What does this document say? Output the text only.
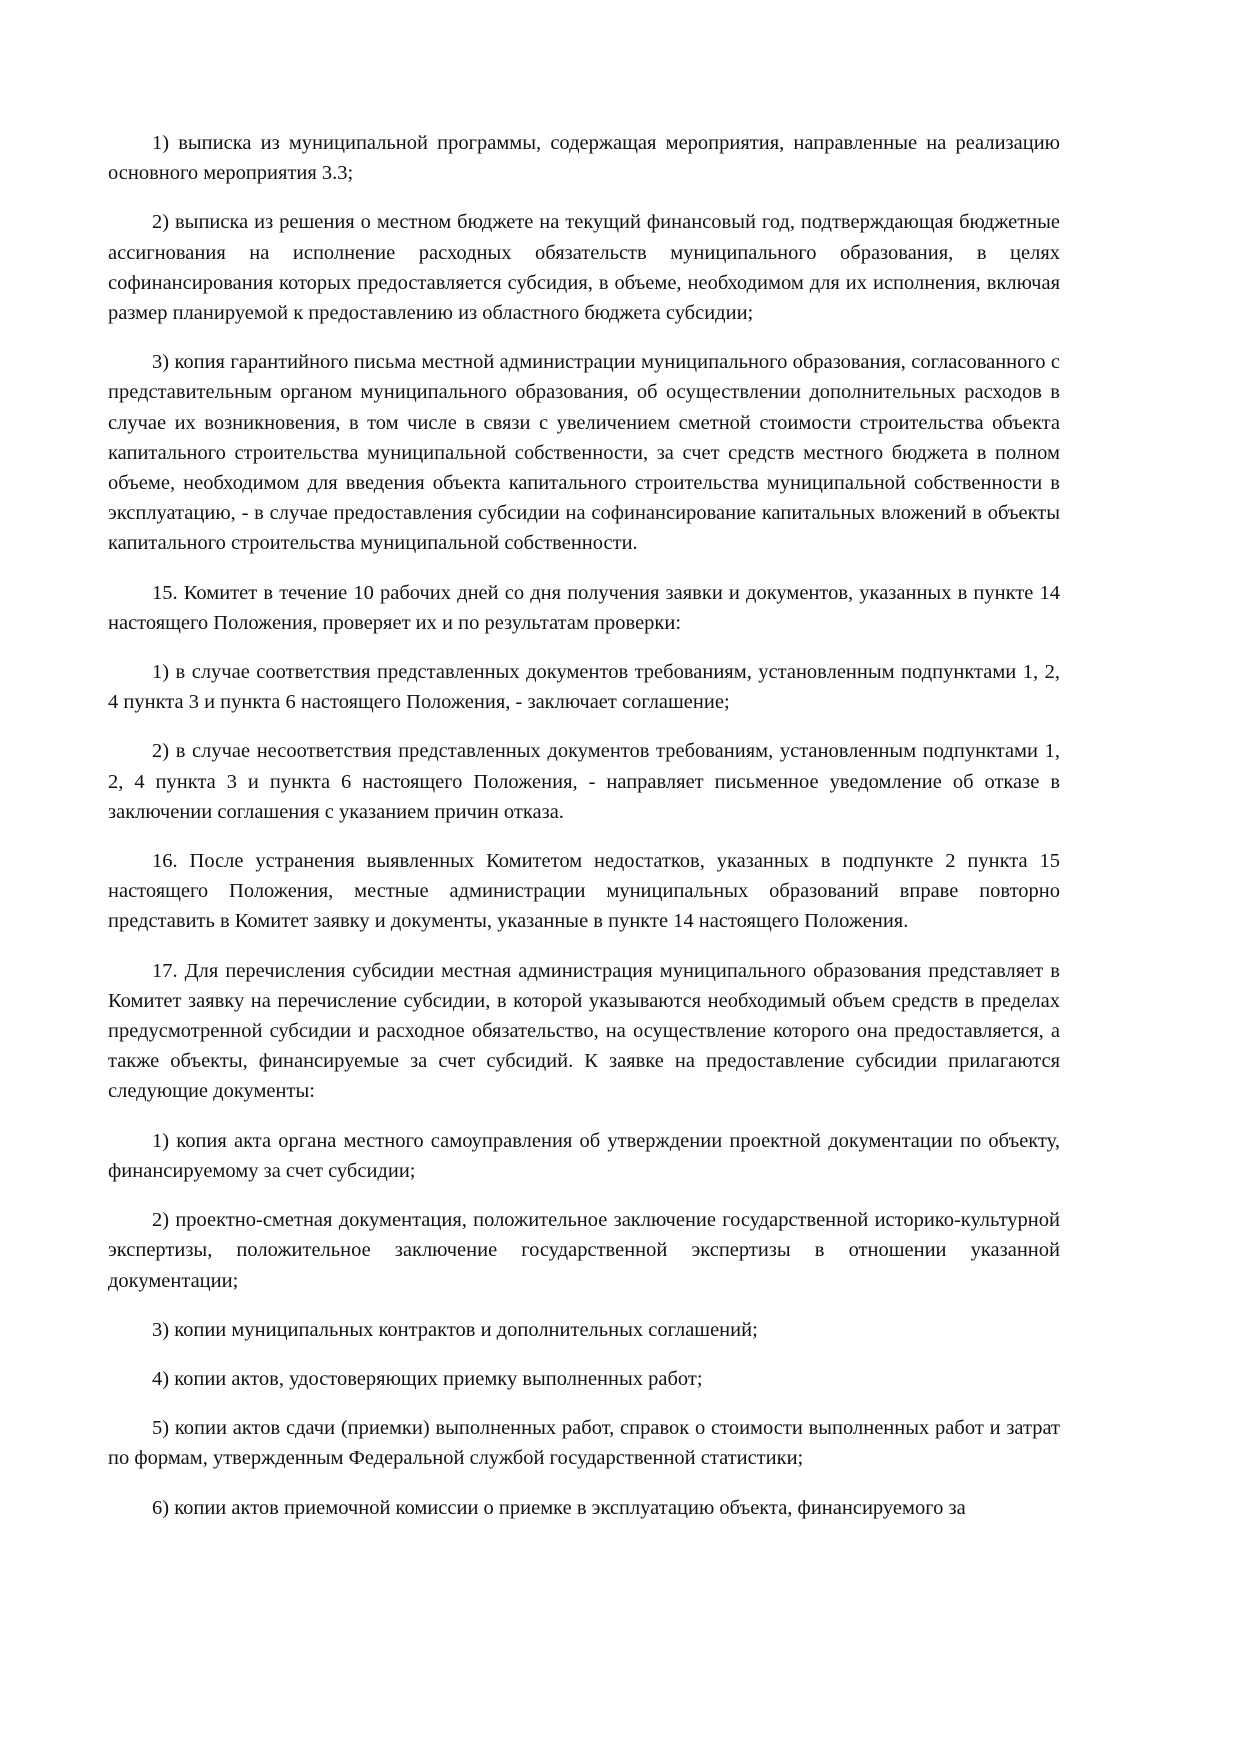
1) выписка из муниципальной программы, содержащая мероприятия, направленные на реализацию основного мероприятия 3.3;

2) выписка из решения о местном бюджете на текущий финансовый год, подтверждающая бюджетные ассигнования на исполнение расходных обязательств муниципального образования, в целях софинансирования которых предоставляется субсидия, в объеме, необходимом для их исполнения, включая размер планируемой к предоставлению из областного бюджета субсидии;

3) копия гарантийного письма местной администрации муниципального образования, согласованного с представительным органом муниципального образования, об осуществлении дополнительных расходов в случае их возникновения, в том числе в связи с увеличением сметной стоимости строительства объекта капитального строительства муниципальной собственности, за счет средств местного бюджета в полном объеме, необходимом для введения объекта капитального строительства муниципальной собственности в эксплуатацию, - в случае предоставления субсидии на софинансирование капитальных вложений в объекты капитального строительства муниципальной собственности.

15. Комитет в течение 10 рабочих дней со дня получения заявки и документов, указанных в пункте 14 настоящего Положения, проверяет их и по результатам проверки:

1) в случае соответствия представленных документов требованиям, установленным подпунктами 1, 2, 4 пункта 3 и пункта 6 настоящего Положения, - заключает соглашение;

2) в случае несоответствия представленных документов требованиям, установленным подпунктами 1, 2, 4 пункта 3 и пункта 6 настоящего Положения, - направляет письменное уведомление об отказе в заключении соглашения с указанием причин отказа.

16. После устранения выявленных Комитетом недостатков, указанных в подпункте 2 пункта 15 настоящего Положения, местные администрации муниципальных образований вправе повторно представить в Комитет заявку и документы, указанные в пункте 14 настоящего Положения.

17. Для перечисления субсидии местная администрация муниципального образования представляет в Комитет заявку на перечисление субсидии, в которой указываются необходимый объем средств в пределах предусмотренной субсидии и расходное обязательство, на осуществление которого она предоставляется, а также объекты, финансируемые за счет субсидий. К заявке на предоставление субсидии прилагаются следующие документы:

1) копия акта органа местного самоуправления об утверждении проектной документации по объекту, финансируемому за счет субсидии;

2) проектно-сметная документация, положительное заключение государственной историко-культурной экспертизы, положительное заключение государственной экспертизы в отношении указанной документации;

3) копии муниципальных контрактов и дополнительных соглашений;

4) копии актов, удостоверяющих приемку выполненных работ;

5) копии актов сдачи (приемки) выполненных работ, справок о стоимости выполненных работ и затрат по формам, утвержденным Федеральной службой государственной статистики;

6) копии актов приемочной комиссии о приемке в эксплуатацию объекта, финансируемого за
